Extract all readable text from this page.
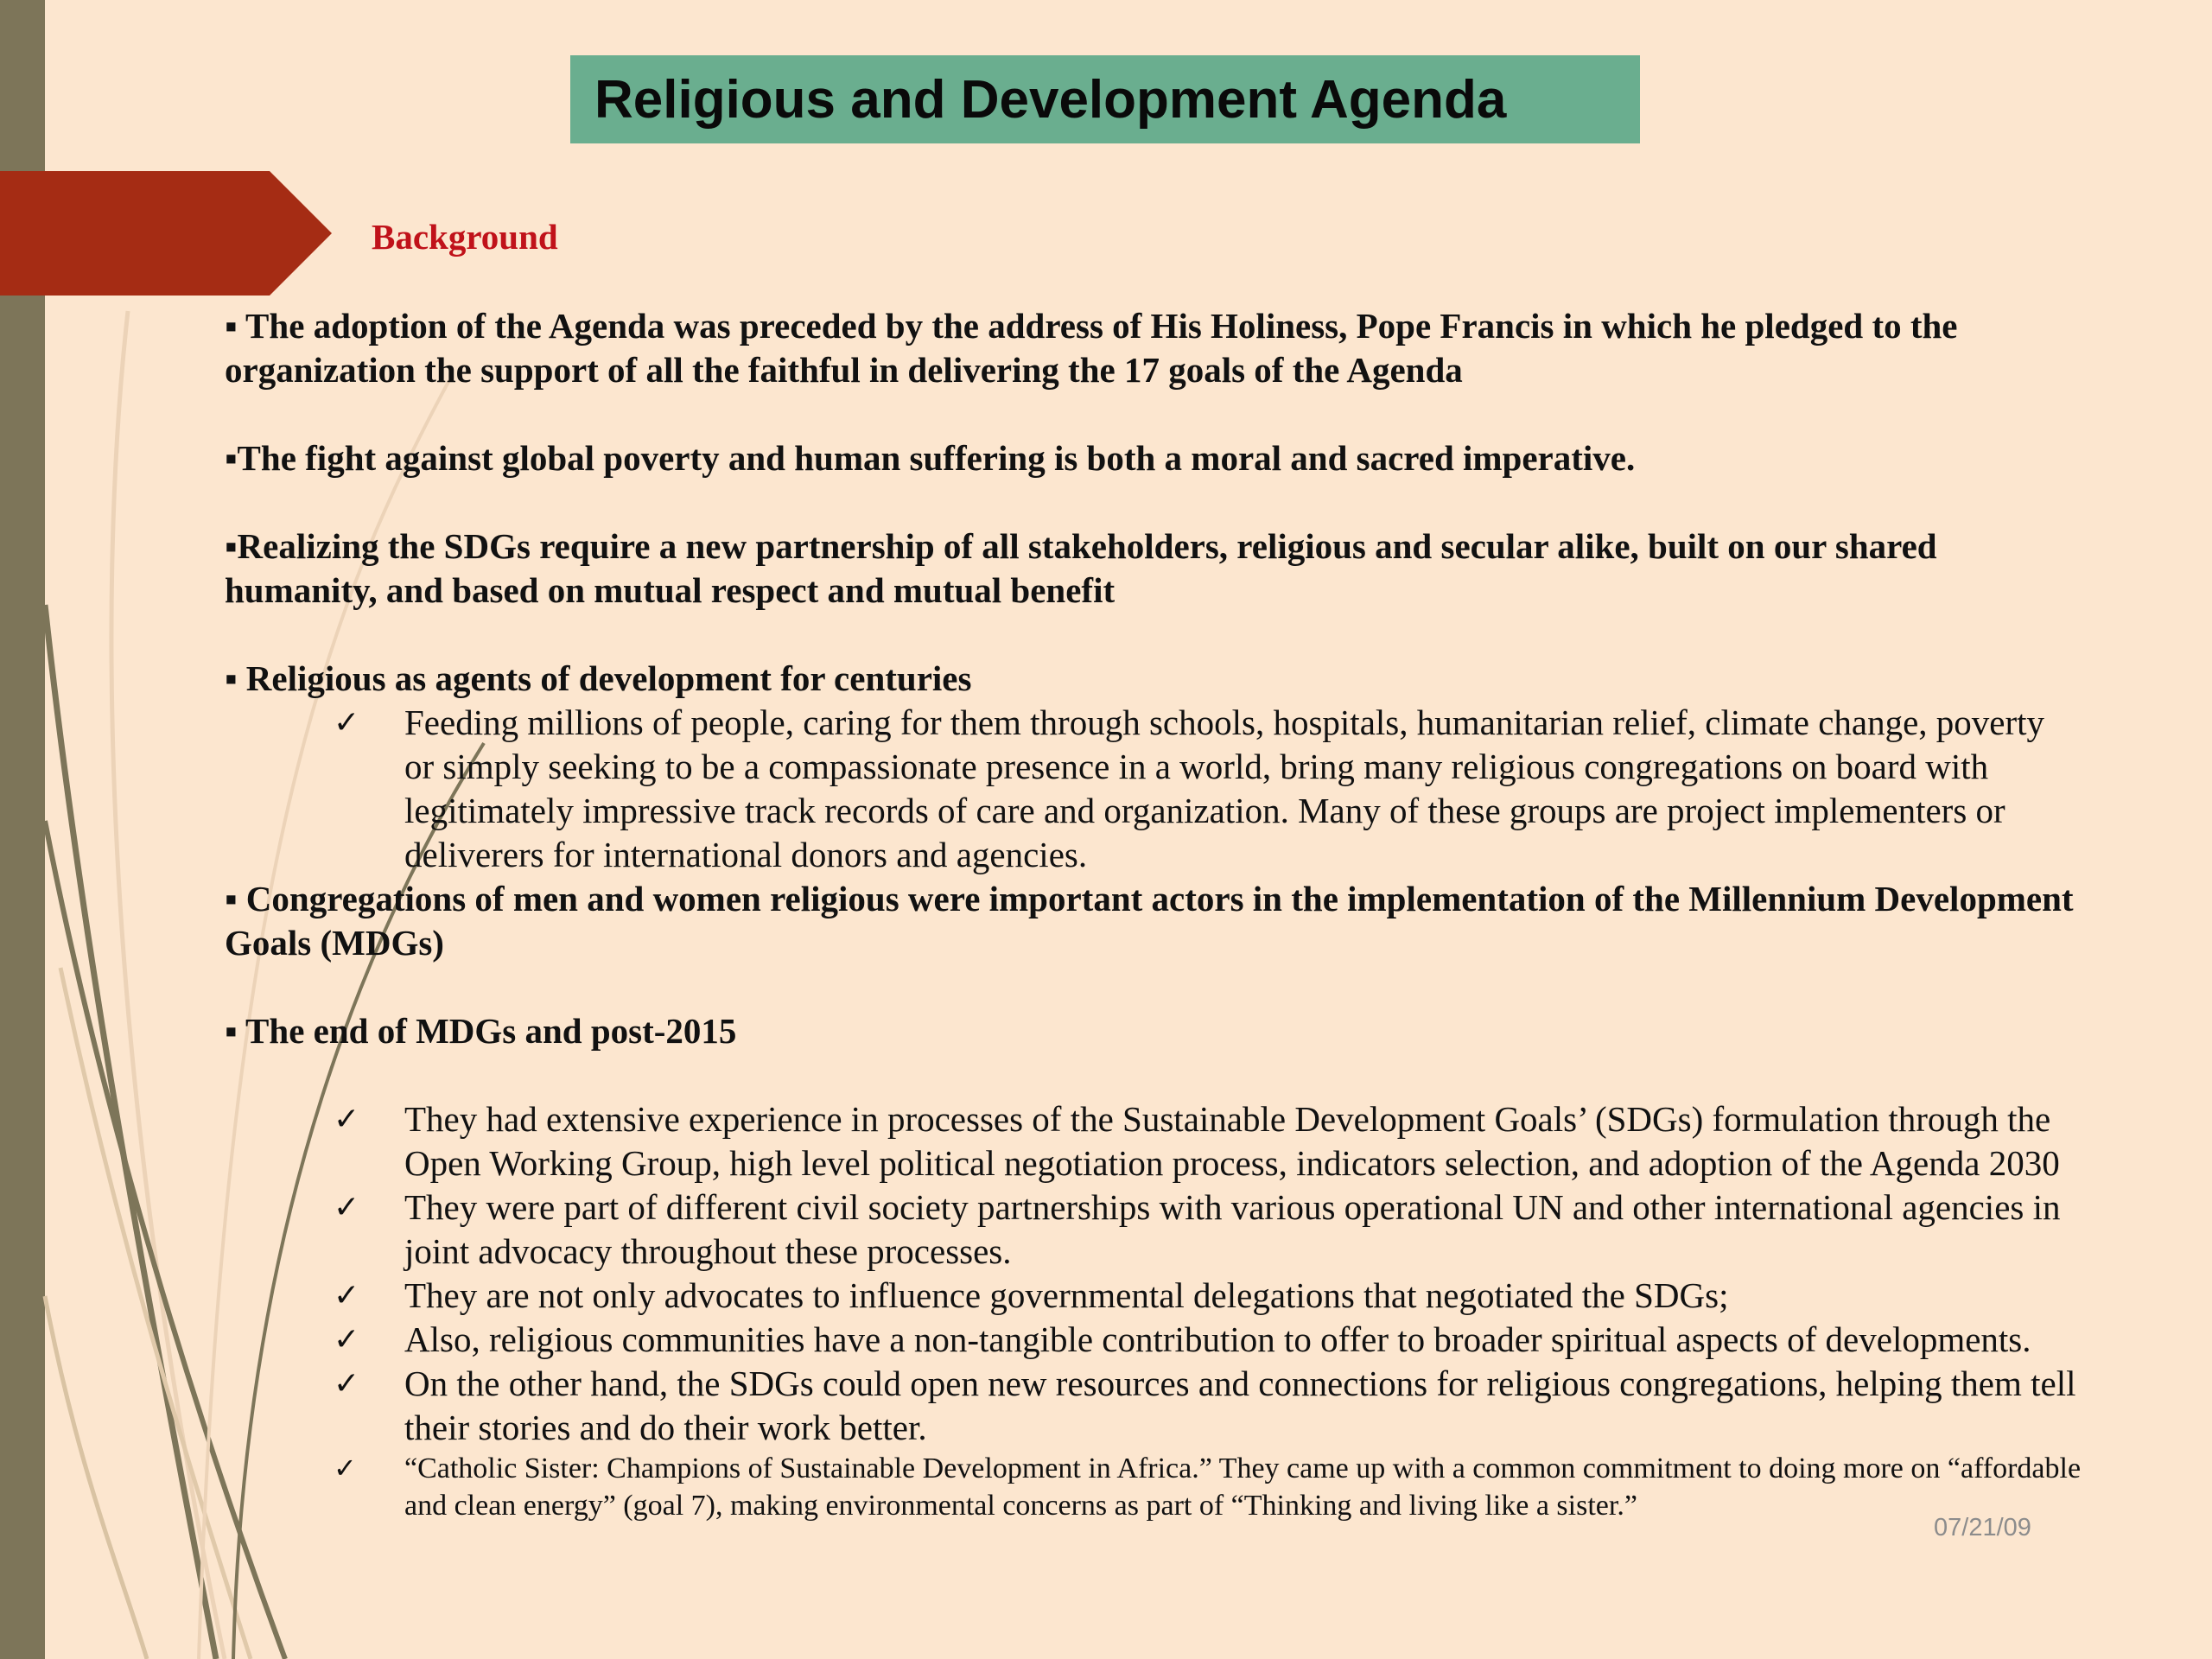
Religious and Development Agenda
Background

▪ The adoption of the Agenda was preceded by the address of His Holiness, Pope Francis in which he pledged to the organization the support of all the faithful in delivering the 17 goals of the Agenda

▪The fight against global poverty and human suffering is both a moral and sacred imperative.

▪Realizing the SDGs require a new partnership of all stakeholders, religious and secular alike, built on our shared humanity, and based on mutual respect and mutual benefit

▪ Religious as agents of development for centuries

✓ Feeding millions of people, caring for them through schools, hospitals, humanitarian relief, climate change, poverty or simply seeking to be a compassionate presence in a world, bring many religious congregations on board with legitimately impressive track records of care and organization. Many of these groups are project implementers or deliverers for international donors and agencies.

▪ Congregations of men and women religious were important actors in the implementation of the Millennium Development Goals (MDGs)

▪ The end of MDGs and post-2015

✓ They had extensive experience in processes of the Sustainable Development Goals’ (SDGs) formulation through the Open Working Group, high level political negotiation process, indicators selection, and adoption of the Agenda 2030
✓ They were part of different civil society partnerships with various operational UN and other international agencies in joint advocacy throughout these processes.
✓ They are not only advocates to influence governmental delegations that negotiated the SDGs;
✓ Also, religious communities have a non-tangible contribution to offer to broader spiritual aspects of developments.
✓ On the other hand, the SDGs could open new resources and connections for religious congregations, helping them tell their stories and do their work better.
✓ “Catholic Sister: Champions of Sustainable Development in Africa.” They came up with a common commitment to doing more on “affordable and clean energy” (goal 7), making environmental concerns as part of “Thinking and living like a sister.”
07/21/09
